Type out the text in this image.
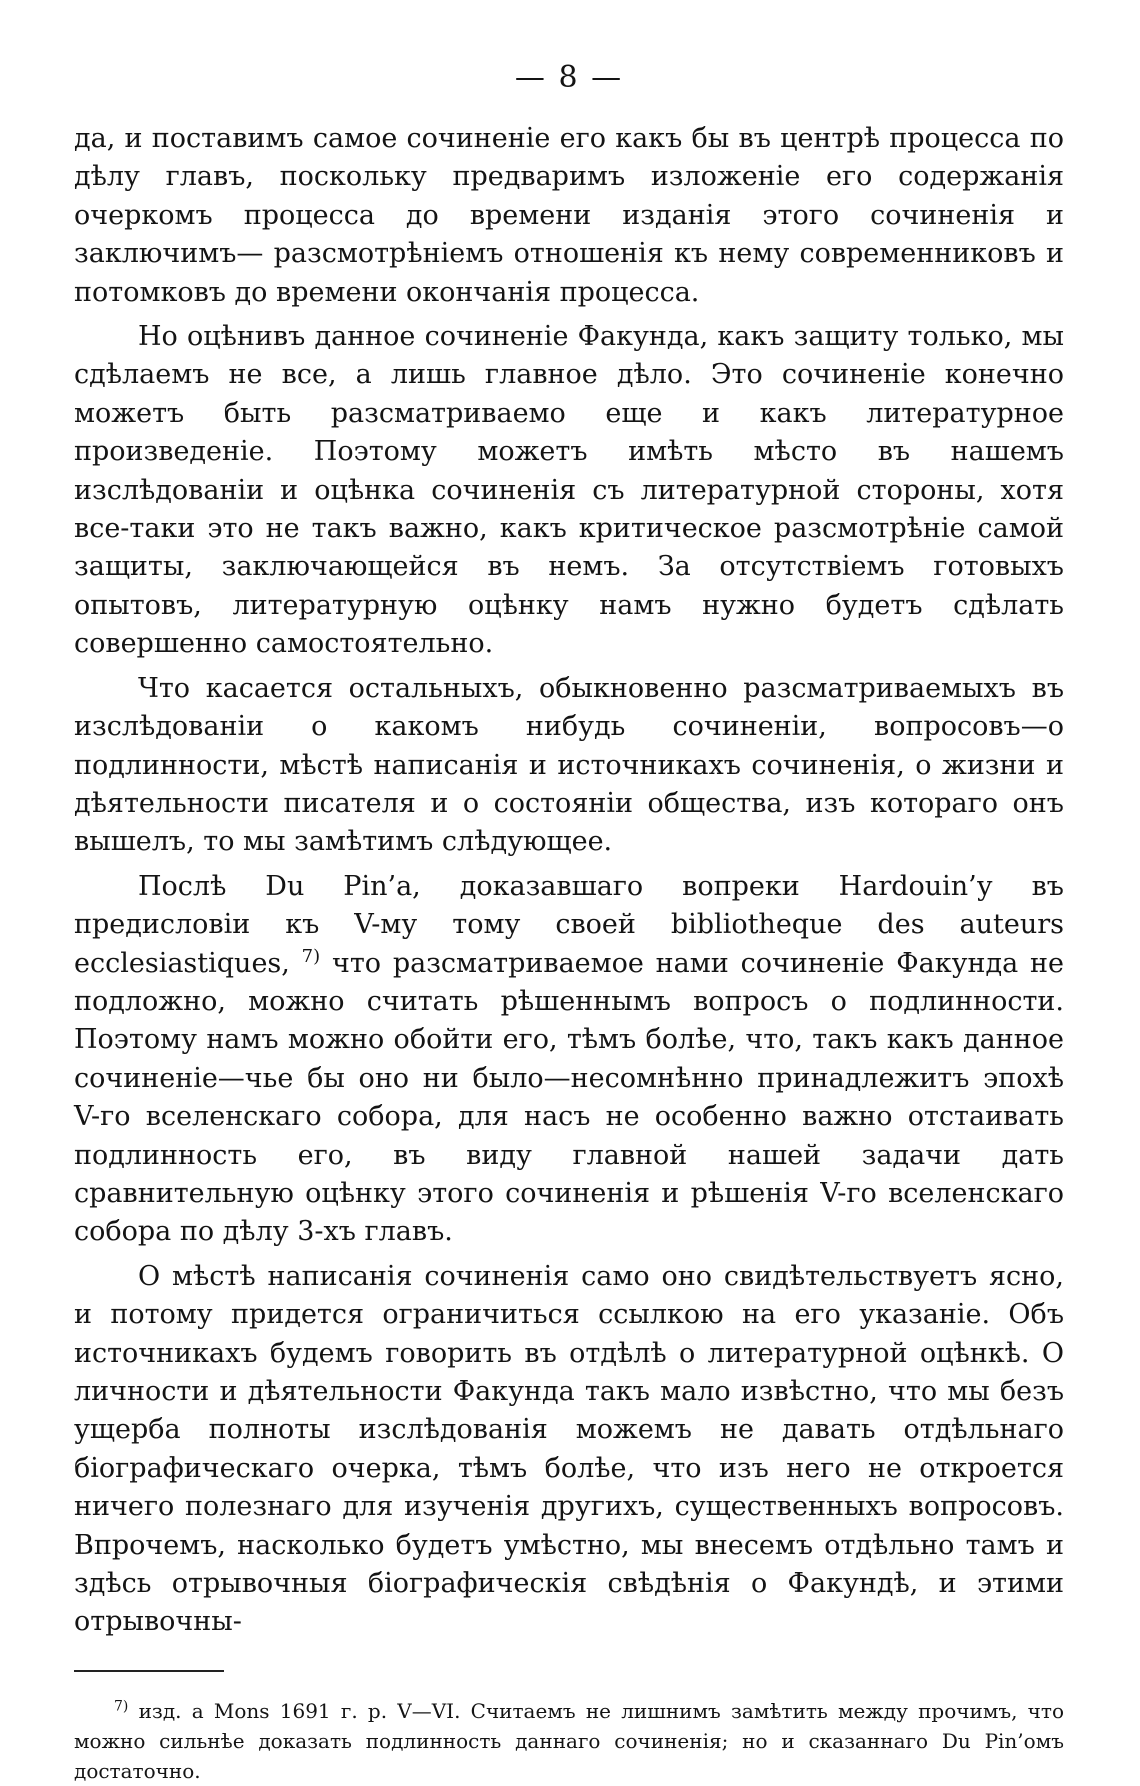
— 8 —

да, и поставимъ самое сочиненіе его какъ бы въ центрѣ процесса по дѣлу главъ, поскольку предваримъ изложеніе его содержанія очеркомъ процесса до времени изданія этого сочиненія и заключимъ— разсмотрѣніемъ отношенія къ нему современниковъ и потомковъ до времени окончанія процесса.

Но оцѣнивъ данное сочиненіе Факунда, какъ защиту только, мы сдѣлаемъ не все, а лишь главное дѣло. Это сочиненіе конечно можетъ быть разсматриваемо еще и какъ литературное произведеніе. Поэтому можетъ имѣть мѣсто въ нашемъ изслѣдованіи и оцѣнка сочиненія съ литературной стороны, хотя все-таки это не такъ важно, какъ критическое разсмотрѣніе самой защиты, заключающейся въ немъ. За отсутствіемъ готовыхъ опытовъ, литературную оцѣнку намъ нужно будетъ сдѣлать совершенно самостоятельно.

Что касается остальныхъ, обыкновенно разсматриваемыхъ въ изслѣдованіи о какомъ нибудь сочиненіи, вопросовъ—о подлинности, мѣстѣ написанія и источникахъ сочиненія, о жизни и дѣятельности писателя и о состояніи общества, изъ котораго онъ вышелъ, то мы замѣтимъ слѣдующее.

Послѣ Du Pin’a, доказавшаго вопреки Hardouin’у въ предисловіи къ V-му тому своей bibliotheque des auteurs ecclesiastiques, $^{7)}$ что разсматриваемое нами сочиненіе Факунда не подложно, можно считать рѣшеннымъ вопросъ о подлинности. Поэтому намъ можно обойти его, тѣмъ болѣе, что, такъ какъ данное сочиненіе—чье бы оно ни было—несомнѣнно принадлежитъ эпохѣ V-го вселенскаго собора, для насъ не особенно важно отстаивать подлинность его, въ виду главной нашей задачи дать сравнительную оцѣнку этого сочиненія и рѣшенія V-го вселенскаго собора по дѣлу 3-хъ главъ.

О мѣстѣ написанія сочиненія само оно свидѣтельствуетъ ясно, и потому придется ограничиться ссылкою на его указаніе. Объ источникахъ будемъ говорить въ отдѣлѣ о литературной оцѣнкѣ. О личности и дѣятельности Факунда такъ мало извѣстно, что мы безъ ущерба полноты изслѣдованія можемъ не давать отдѣльнаго біографическаго очерка, тѣмъ болѣе, что изъ него не откроется ничего полезнаго для изученія другихъ, существенныхъ вопросовъ. Впрочемъ, насколько будетъ умѣстно, мы внесемъ отдѣльно тамъ и здѣсь отрывочныя біографическія свѣдѣнія о Факундѣ, и этими отрывочны-

$^{7)}$ изд. a Mons 1691 г. p. V—VI. Считаемъ не лишнимъ замѣтить между прочимъ, что можно сильнѣе доказать подлинность даннаго сочиненія; но и сказаннаго Du Pin’омъ достаточно.
